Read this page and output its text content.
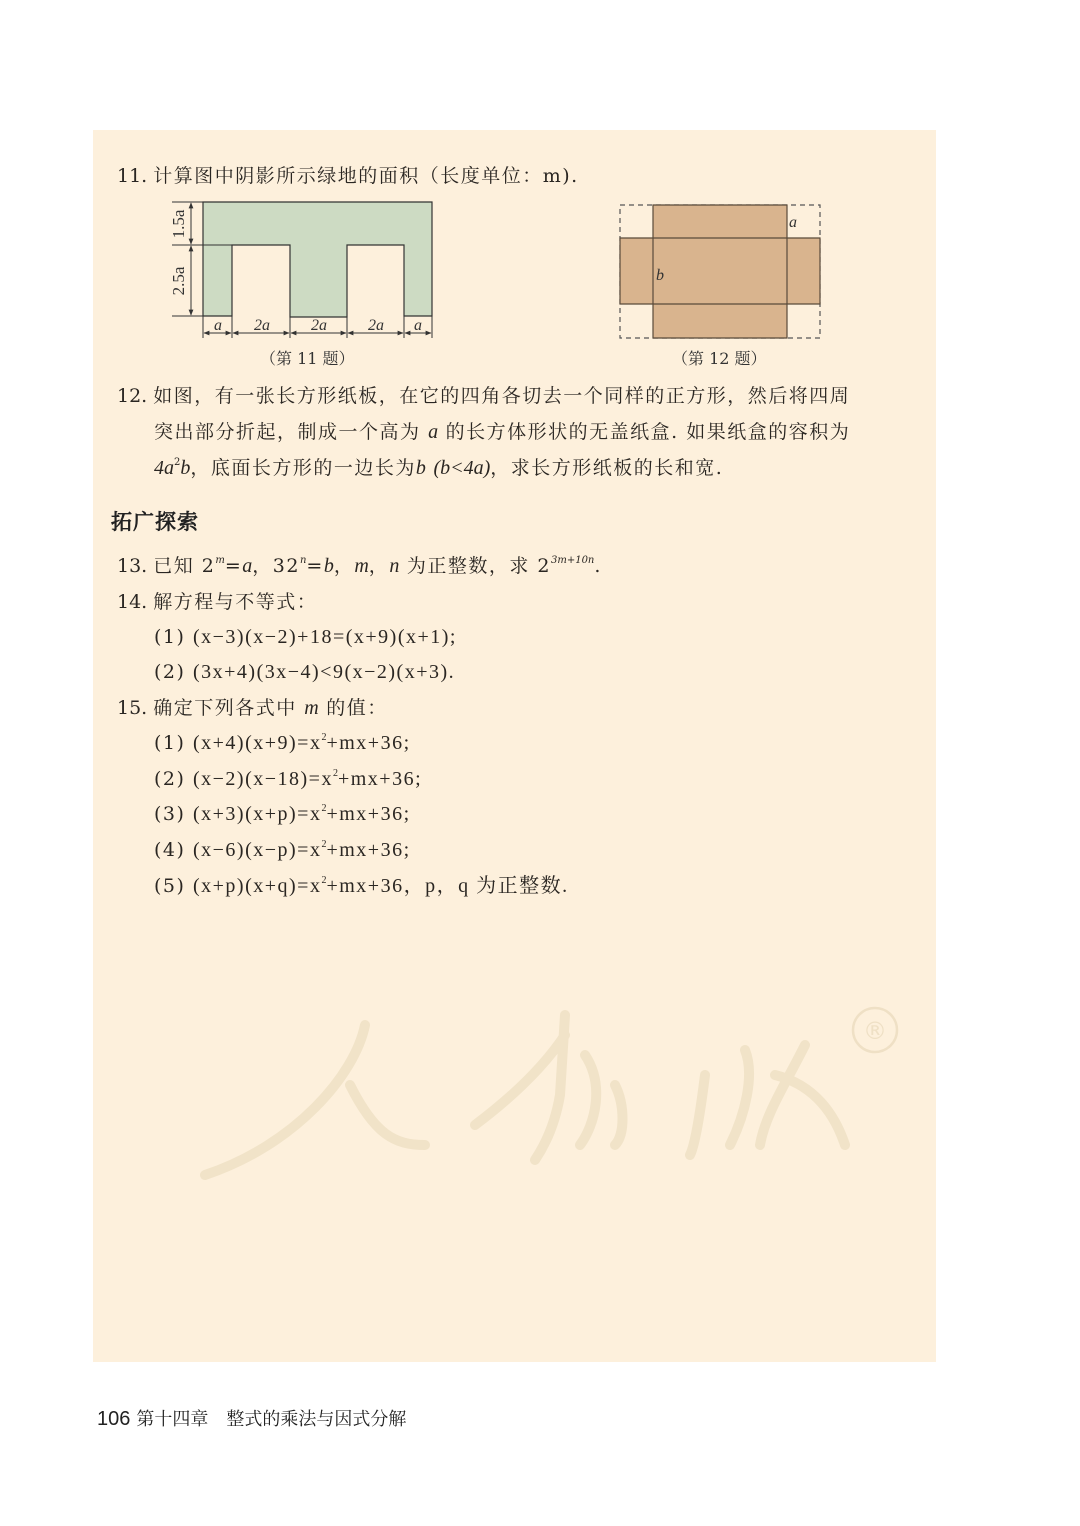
11. 计算图中阴影所示绿地的面积（长度单位：m).
1.5a
2.5a
a 2a	2a	2a a
（第 11 题）
a
b
（第 12 题）
12. 如图，有一张长方形纸板，在它的四角各切去一个同样的正方形，然后将四周
突出部分折起，制成一个高为 a 的长方体形状的无盖纸盒. 如果纸盒的容积为
$4a^2b$，底面长方形的一边长为b (b<4a)，求长方形纸板的长和宽.
拓广探索
13. 已知 $2^m=a$，$32^n=b$，m，n 为正整数，求 $2^{3m+10n}$.
14. 解方程与不等式：
(1) (x−3)(x−2)+18=(x+9)(x+1);
(2) (3x+4)(3x−4)<9(x−2)(x+3).
15. 确定下列各式中 m 的值：
(1) $(x+4)(x+9)=x^2+mx+36$;
(2) $(x-2)(x-18)=x^2+mx+36$;
(3) $(x+3)(x+p)=x^2+mx+36$;
(4) $(x-6)(x-p)=x^2+mx+36$;
(5) $(x+p)(x+q)=x^2+mx+36$，p，q 为正整数.
®
106 第十四章 整式的乘法与因式分解
